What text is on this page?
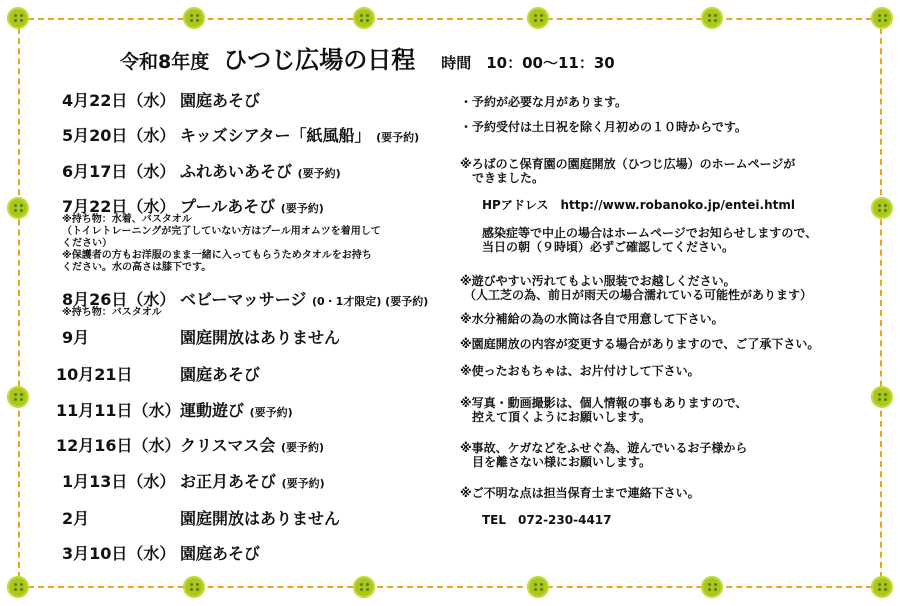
令和8年度 ひつじ広場の日程 時間　10：00～11：30
4月22日（水） 園庭あそび
5月20日（水） キッズシアター「紙風船」 (要予約)
6月17日（水） ふれあいあそび (要予約)
7月22日（水） プールあそび (要予約)
※持ち物：水着、バスタオル
（トイレトレーニングが完了していない方はプール用オムツを着用して
ください）
※保護者の方もお洋服のまま一緒に入ってもらうためタオルをお持ち
ください。水の高さは膝下です。
8月26日（水） ベビーマッサージ (0・1才限定) (要予約)
※持ち物：バスタオル
9月	園庭開放はありません
10月21日	園庭あそび
11月11日（水） 運動遊び (要予約)
12月16日（水） クリスマス会 (要予約)
1月13日（水） お正月あそび (要予約)
2月	園庭開放はありません
3月10日（水） 園庭あそび
・予約が必要な月があります。
・予約受付は土日祝を除く月初めの１０時からです。
※ろばのこ保育園の園庭開放（ひつじ広場）のホームページが
できました。
HPアドレス　http://www.robanoko.jp/entei.html
感染症等で中止の場合はホームページでお知らせしますので、
当日の朝（９時頃）必ずご確認してください。
※遊びやすい汚れてもよい服装でお越しください。
（人工芝の為、前日が雨天の場合濡れている可能性があります）
※水分補給の為の水筒は各自で用意して下さい。
※園庭開放の内容が変更する場合がありますので、ご了承下さい。
※使ったおもちゃは、お片付けして下さい。
※写真・動画撮影は、個人情報の事もありますので、
控えて頂くようにお願いします。
※事故、ケガなどをふせぐ為、遊んでいるお子様から
目を離さない様にお願いします。
※ご不明な点は担当保育士まで連絡下さい。
TEL　072-230-4417
